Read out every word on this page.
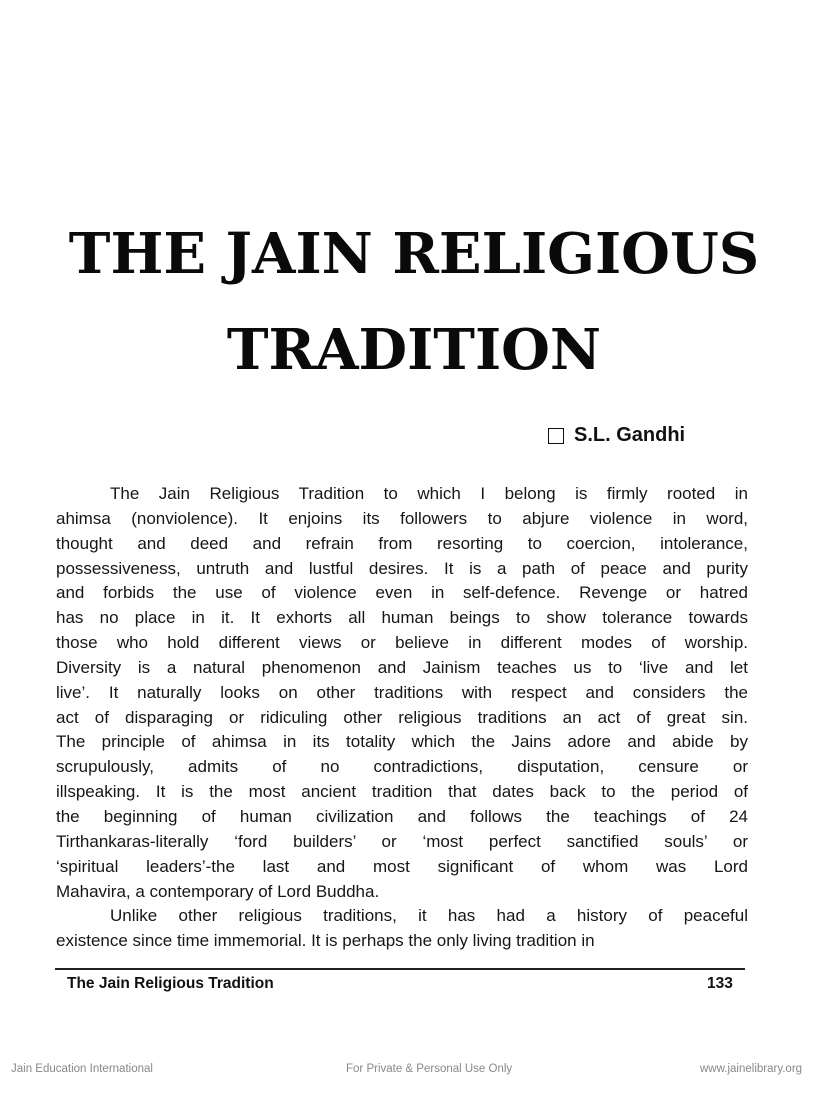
THE JAIN RELIGIOUS
TRADITION
S.L. Gandhi
The Jain Religious Tradition to which I belong is firmly rooted in
ahimsa (nonviolence). It enjoins its followers to abjure violence in word,
thought and deed and refrain from resorting to coercion, intolerance,
possessiveness, untruth and lustful desires. It is a path of peace and purity
and forbids the use of violence even in self-defence. Revenge or hatred
has no place in it. It exhorts all human beings to show tolerance towards
those who hold different views or believe in different modes of worship.
Diversity is a natural phenomenon and Jainism teaches us to ‘live and let
live’. It naturally looks on other traditions with respect and considers the
act of disparaging or ridiculing other religious traditions an act of great sin.
The principle of ahimsa in its totality which the Jains adore and abide by
scrupulously, admits of no contradictions, disputation, censure or
illspeaking. It is the most ancient tradition that dates back to the period of
the beginning of human civilization and follows the teachings of 24
Tirthankaras-literally ‘ford builders’ or ‘most perfect sanctified souls’ or
‘spiritual leaders’-the last and most significant of whom was Lord
Mahavira, a contemporary of Lord Buddha.
Unlike other religious traditions, it has had a history of peaceful
existence since time immemorial. It is perhaps the only living tradition in
The Jain Religious Tradition	133
Jain Education International	For Private & Personal Use Only	www.jainelibrary.org
